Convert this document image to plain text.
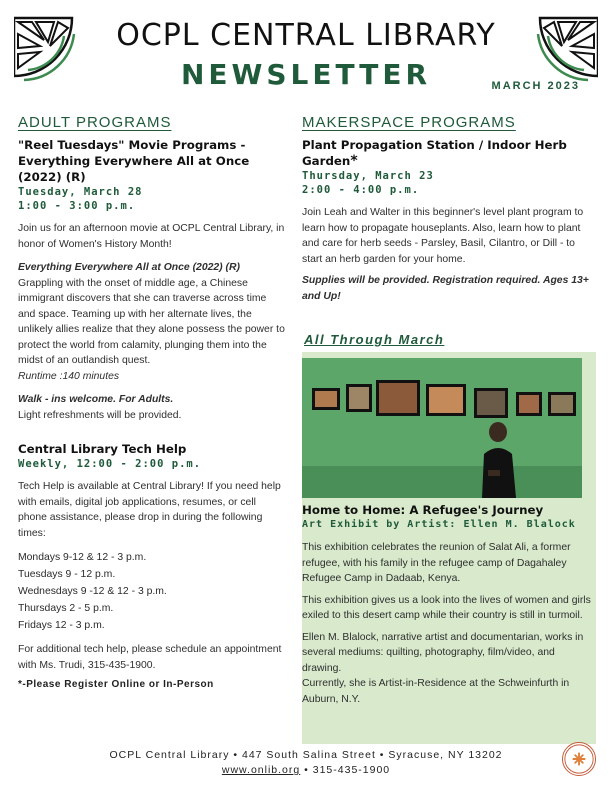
OCPL CENTRAL LIBRARY
NEWSLETTER	MARCH 2023
ADULT PROGRAMS
"Reel Tuesdays" Movie Programs -
Everything Everywhere All at Once (2022) (R)
Tuesday, March 28
1:00 - 3:00 p.m.

Join us for an afternoon movie at OCPL Central Library, in honor of Women's History Month!

Everything Everywhere All at Once (2022) (R)
Grappling with the onset of middle age, a Chinese immigrant discovers that she can traverse across time and space. Teaming up with her alternate lives, the unlikely allies realize that they alone possess the power to protect the world from calamity, plunging them into the midst of an outlandish quest.
Runtime :140 minutes

Walk - ins welcome. For Adults.
Light refreshments will be provided.

Central Library Tech Help
Weekly, 12:00 - 2:00 p.m.

Tech Help is available at Central Library! If you need help with emails, digital job applications, resumes, or cell phone assistance, please drop in during the following times:

Mondays 9-12 & 12 - 3 p.m.
Tuesdays 9 - 12 p.m.
Wednesdays 9 -12 & 12 - 3 p.m.
Thursdays 2 - 5 p.m.
Fridays 12 - 3 p.m.

For additional tech help, please schedule an appointment with Ms. Trudi, 315-435-1900.

*-Please Register Online or In-Person
MAKERSPACE PROGRAMS
Plant Propagation Station / Indoor Herb Garden*
Thursday, March 23
2:00 - 4:00 p.m.

Join Leah and Walter in this beginner's level plant program to learn how to propagate houseplants. Also, learn how to plant and care for herb seeds - Parsley, Basil, Cilantro, or Dill - to start an herb garden for your home.

Supplies will be provided. Registration required. Ages 13+ and Up!

All Through March
Home to Home: A Refugee's Journey
Art Exhibit by Artist: Ellen M. Blalock

This exhibition celebrates the reunion of Salat Ali, a former refugee, with his family in the refugee camp of Dagahaley Refugee Camp in Dadaab, Kenya.

This exhibition gives us a look into the lives of women and girls exiled to this desert camp while their country is still in turmoil.

Ellen M. Blalock, narrative artist and documentarian, works in several mediums: quilting, photography, film/video, and drawing.

Currently, she is Artist-in-Residence at the Schweinfurth in Auburn, N.Y.

OCPL Central Library • 447 South Salina Street • Syracuse, NY 13202
www.onlib.org • 315-435-1900
